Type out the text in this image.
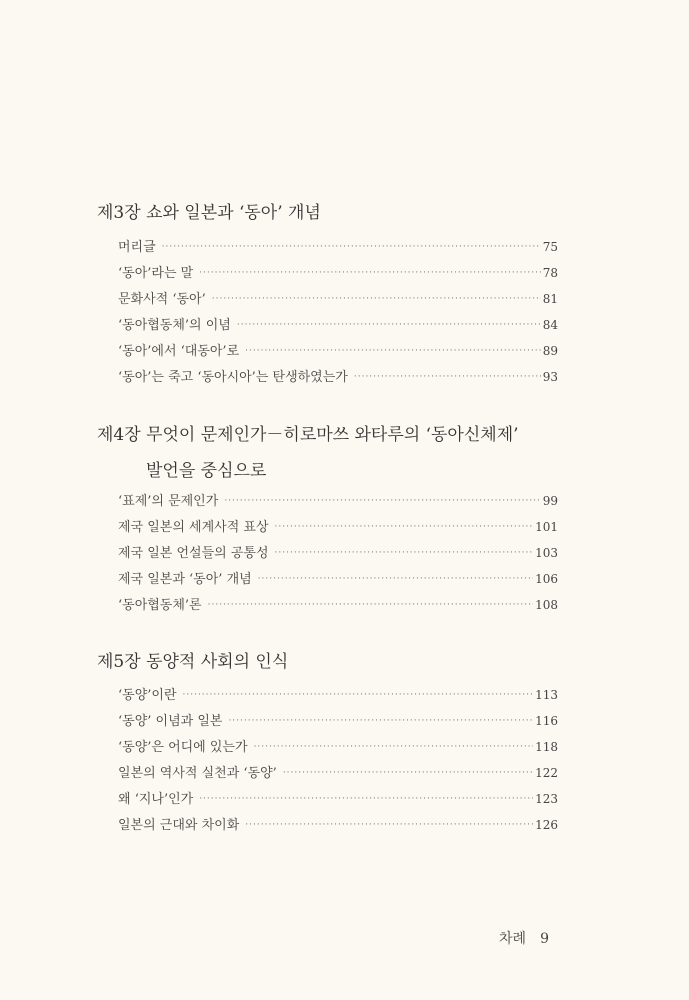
제3장 쇼와 일본과 ‘동아’ 개념
머리글 ·····	75
‘동아’라는 말 ·····	78
문화사적 ‘동아’ ·····	81
‘동아협동체’의 이념 ·····	84
‘동아’에서 ‘대동아’로 ·····	89
‘동아’는 죽고 ‘동아시아’는 탄생하였는가 ·····	93
제4장 무엇이 문제인가－히로마쓰 와타루의 ‘동아신체제’
발언을 중심으로
‘표제’의 문제인가 ·····	99
제국 일본의 세계사적 표상 ·····	101
제국 일본 언설들의 공통성 ·····	103
제국 일본과 ‘동아’ 개념 ·····	106
‘동아협동체’론 ·····	108
제5장 동양적 사회의 인식
‘동양’이란 ·····	113
‘동양’ 이념과 일본 ·····	116
‘동양’은 어디에 있는가 ·····	118
일본의 역사적 실천과 ‘동양’ ·····	122
왜 ‘지나’인가 ·····	123
일본의 근대와 차이화 ·····	126
차례 9
